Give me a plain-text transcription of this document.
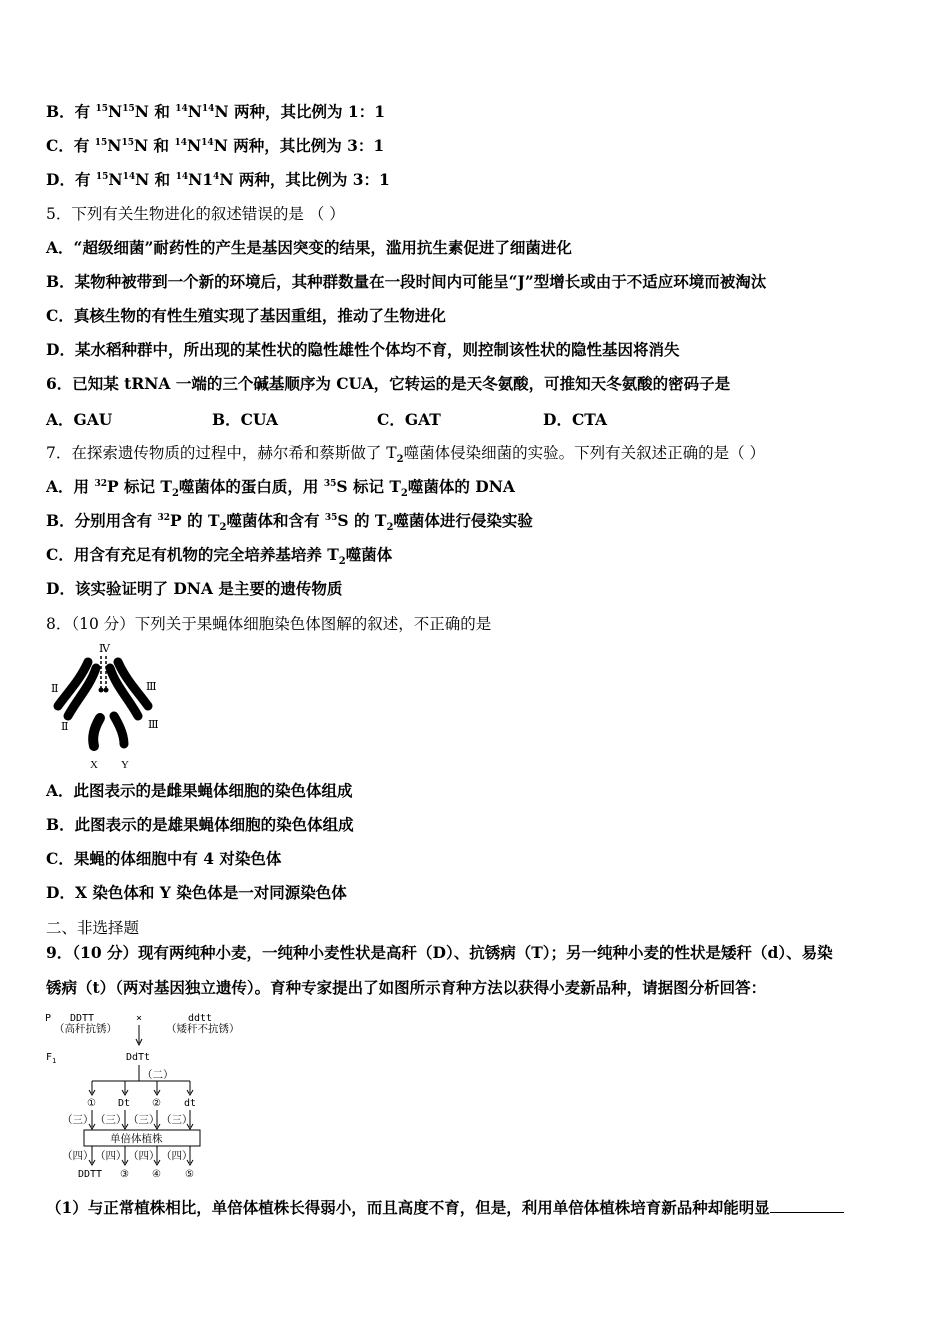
B．有 $^{15}N^{15}N$ 和 $^{14}N^{14}N$ 两种，其比例为 1：1
C．有 $^{15}N^{15}N$ 和 $^{14}N^{14}N$ 两种，其比例为 3：1
D．有 $^{15}N^{14}N$ 和 $^{14}N1^4N$ 两种，其比例为 3：1
5．下列有关生物进化的叙述错误的是 （ ）
A．“超级细菌”耐药性的产生是基因突变的结果，滥用抗生素促进了细菌进化
B．某物种被带到一个新的环境后，其种群数量在一段时间内可能呈“J”型增长或由于不适应环境而被淘汰
C．真核生物的有性生殖实现了基因重组，推动了生物进化
D．某水稻种群中，所出现的某性状的隐性雄性个体均不育，则控制该性状的隐性基因将消失
6．已知某 tRNA 一端的三个碱基顺序为 CUA，它转运的是天冬氨酸，可推知天冬氨酸的密码子是
A．GAU	B．CUA	C．GAT	D．CTA
7．在探索遗传物质的过程中，赫尔希和蔡斯做了 $T_2$噬菌体侵染细菌的实验。下列有关叙述正确的是（ ）
A．用 $^{32}$P 标记 $T_2$噬菌体的蛋白质，用 $^{35}$S 标记 $T_2$噬菌体的 DNA
B．分别用含有 $^{32}$P 的 $T_2$噬菌体和含有 $^{35}$S 的 $T_2$噬菌体进行侵染实验
C．用含有充足有机物的完全培养基培养 $T_2$噬菌体
D．该实验证明了 DNA 是主要的遗传物质
8．（10 分）下列关于果蝇体细胞染色体图解的叙述，不正确的是
Ⅳ
Ⅱ
Ⅱ
Ⅲ
Ⅲ
X Y
A．此图表示的是雌果蝇体细胞的染色体组成
B．此图表示的是雄果蝇体细胞的染色体组成
C．果蝇的体细胞中有 4 对染色体
D．X 染色体和 Y 染色体是一对同源染色体
二、非选择题
9．（10 分）现有两纯种小麦，一纯种小麦性状是高秆（D）、抗锈病（T）；另一纯种小麦的性状是矮秆（d）、易染
锈病（t）（两对基因独立遗传）。育种专家提出了如图所示育种方法以获得小麦新品种，请据图分析回答：
P DDTT
（高秆抗锈）
×	ddtt
（矮秆不抗锈）
$F_1$	DdTt
（二）
① Dt ② dt
（三） （三） （三） （三）
单倍体植株
（四） （四） （四） （四）
DDTT ③ ④ ⑤
（1）与正常植株相比，单倍体植株长得弱小，而且高度不育，但是，利用单倍体植株培育新品种却能明显
